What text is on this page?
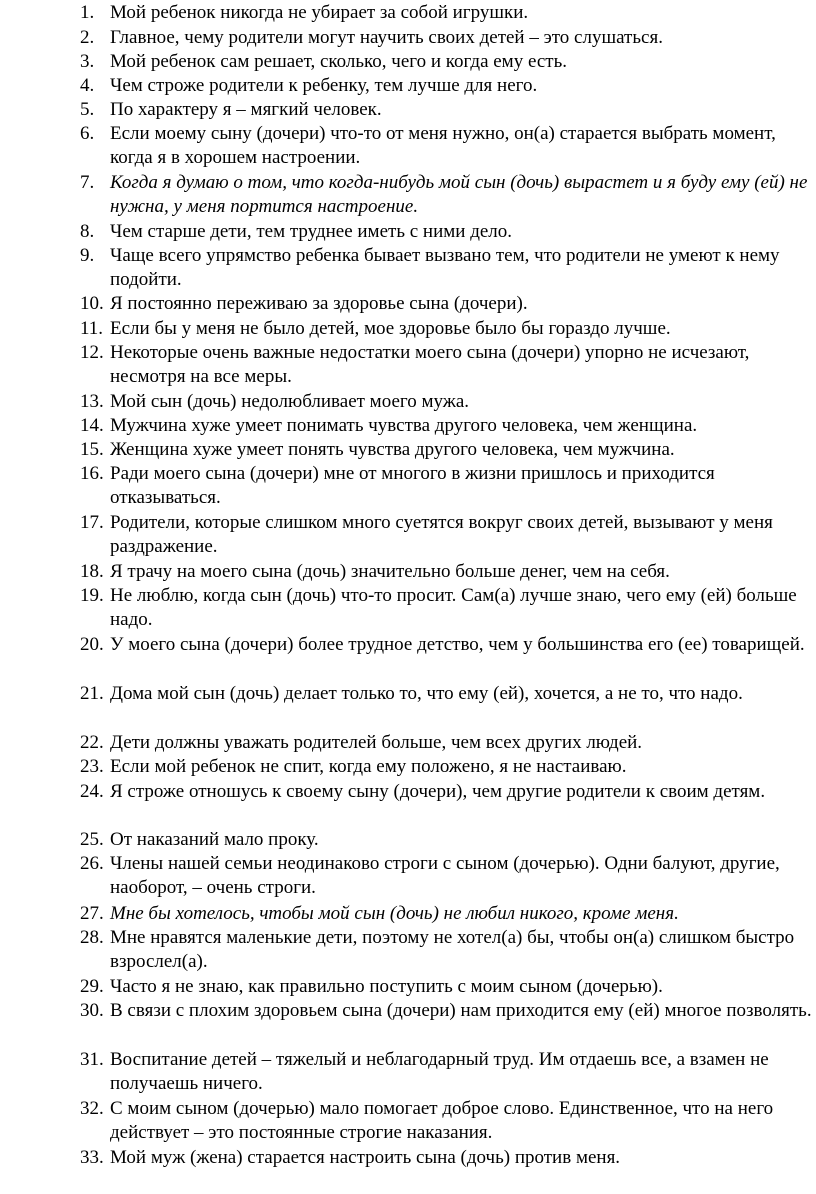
1. Мой ребенок никогда не убирает за собой игрушки.
2. Главное, чему родители могут научить своих детей – это слушаться.
3. Мой ребенок сам решает, сколько, чего и когда ему есть.
4. Чем строже родители к ребенку, тем лучше для него.
5. По характеру я – мягкий человек.
6. Если моему сыну (дочери) что-то от меня нужно, он(а) старается выбрать момент, когда я в хорошем настроении.
7. Когда я думаю о том, что когда-нибудь мой сын (дочь) вырастет и я буду ему (ей) не нужна, у меня портится настроение.
8. Чем старше дети, тем труднее иметь с ними дело.
9. Чаще всего упрямство ребенка бывает вызвано тем, что родители не умеют к нему подойти.
10. Я постоянно переживаю за здоровье сына (дочери).
11. Если бы у меня не было детей, мое здоровье было бы гораздо лучше.
12. Некоторые очень важные недостатки моего сына (дочери) упорно не исчезают, несмотря на все меры.
13. Мой сын (дочь) недолюбливает моего мужа.
14. Мужчина хуже умеет понимать чувства другого человека, чем женщина.
15. Женщина хуже умеет понять чувства другого человека, чем мужчина.
16. Ради моего сына (дочери) мне от многого в жизни пришлось и приходится отказываться.
17. Родители, которые слишком много суетятся вокруг своих детей, вызывают у меня раздражение.
18. Я трачу на моего сына (дочь) значительно больше денег, чем на себя.
19. Не люблю, когда сын (дочь) что-то просит. Сам(а) лучше знаю, чего ему (ей) больше надо.
20. У моего сына (дочери) более трудное детство, чем у большинства его (ее) товарищей.
21. Дома мой сын (дочь) делает только то, что ему (ей), хочется, а не то, что надо.
22. Дети должны уважать родителей больше, чем всех других людей.
23. Если мой ребенок не спит, когда ему положено, я не настаиваю.
24. Я строже отношусь к своему сыну (дочери), чем другие родители к своим детям.
25. От наказаний мало проку.
26. Члены нашей семьи неодинаково строги с сыном (дочерью). Одни балуют, другие, наоборот, – очень строги.
27. Мне бы хотелось, чтобы мой сын (дочь) не любил никого, кроме меня.
28. Мне нравятся маленькие дети, поэтому не хотел(а) бы, чтобы он(а) слишком быстро взрослел(а).
29. Часто я не знаю, как правильно поступить с моим сыном (дочерью).
30. В связи с плохим здоровьем сына (дочери) нам приходится ему (ей) многое позволять.
31. Воспитание детей – тяжелый и неблагодарный труд. Им отдаешь все, а взамен не получаешь ничего.
32. С моим сыном (дочерью) мало помогает доброе слово. Единственное, что на него действует – это постоянные строгие наказания.
33. Мой муж (жена) старается настроить сына (дочь) против меня.
